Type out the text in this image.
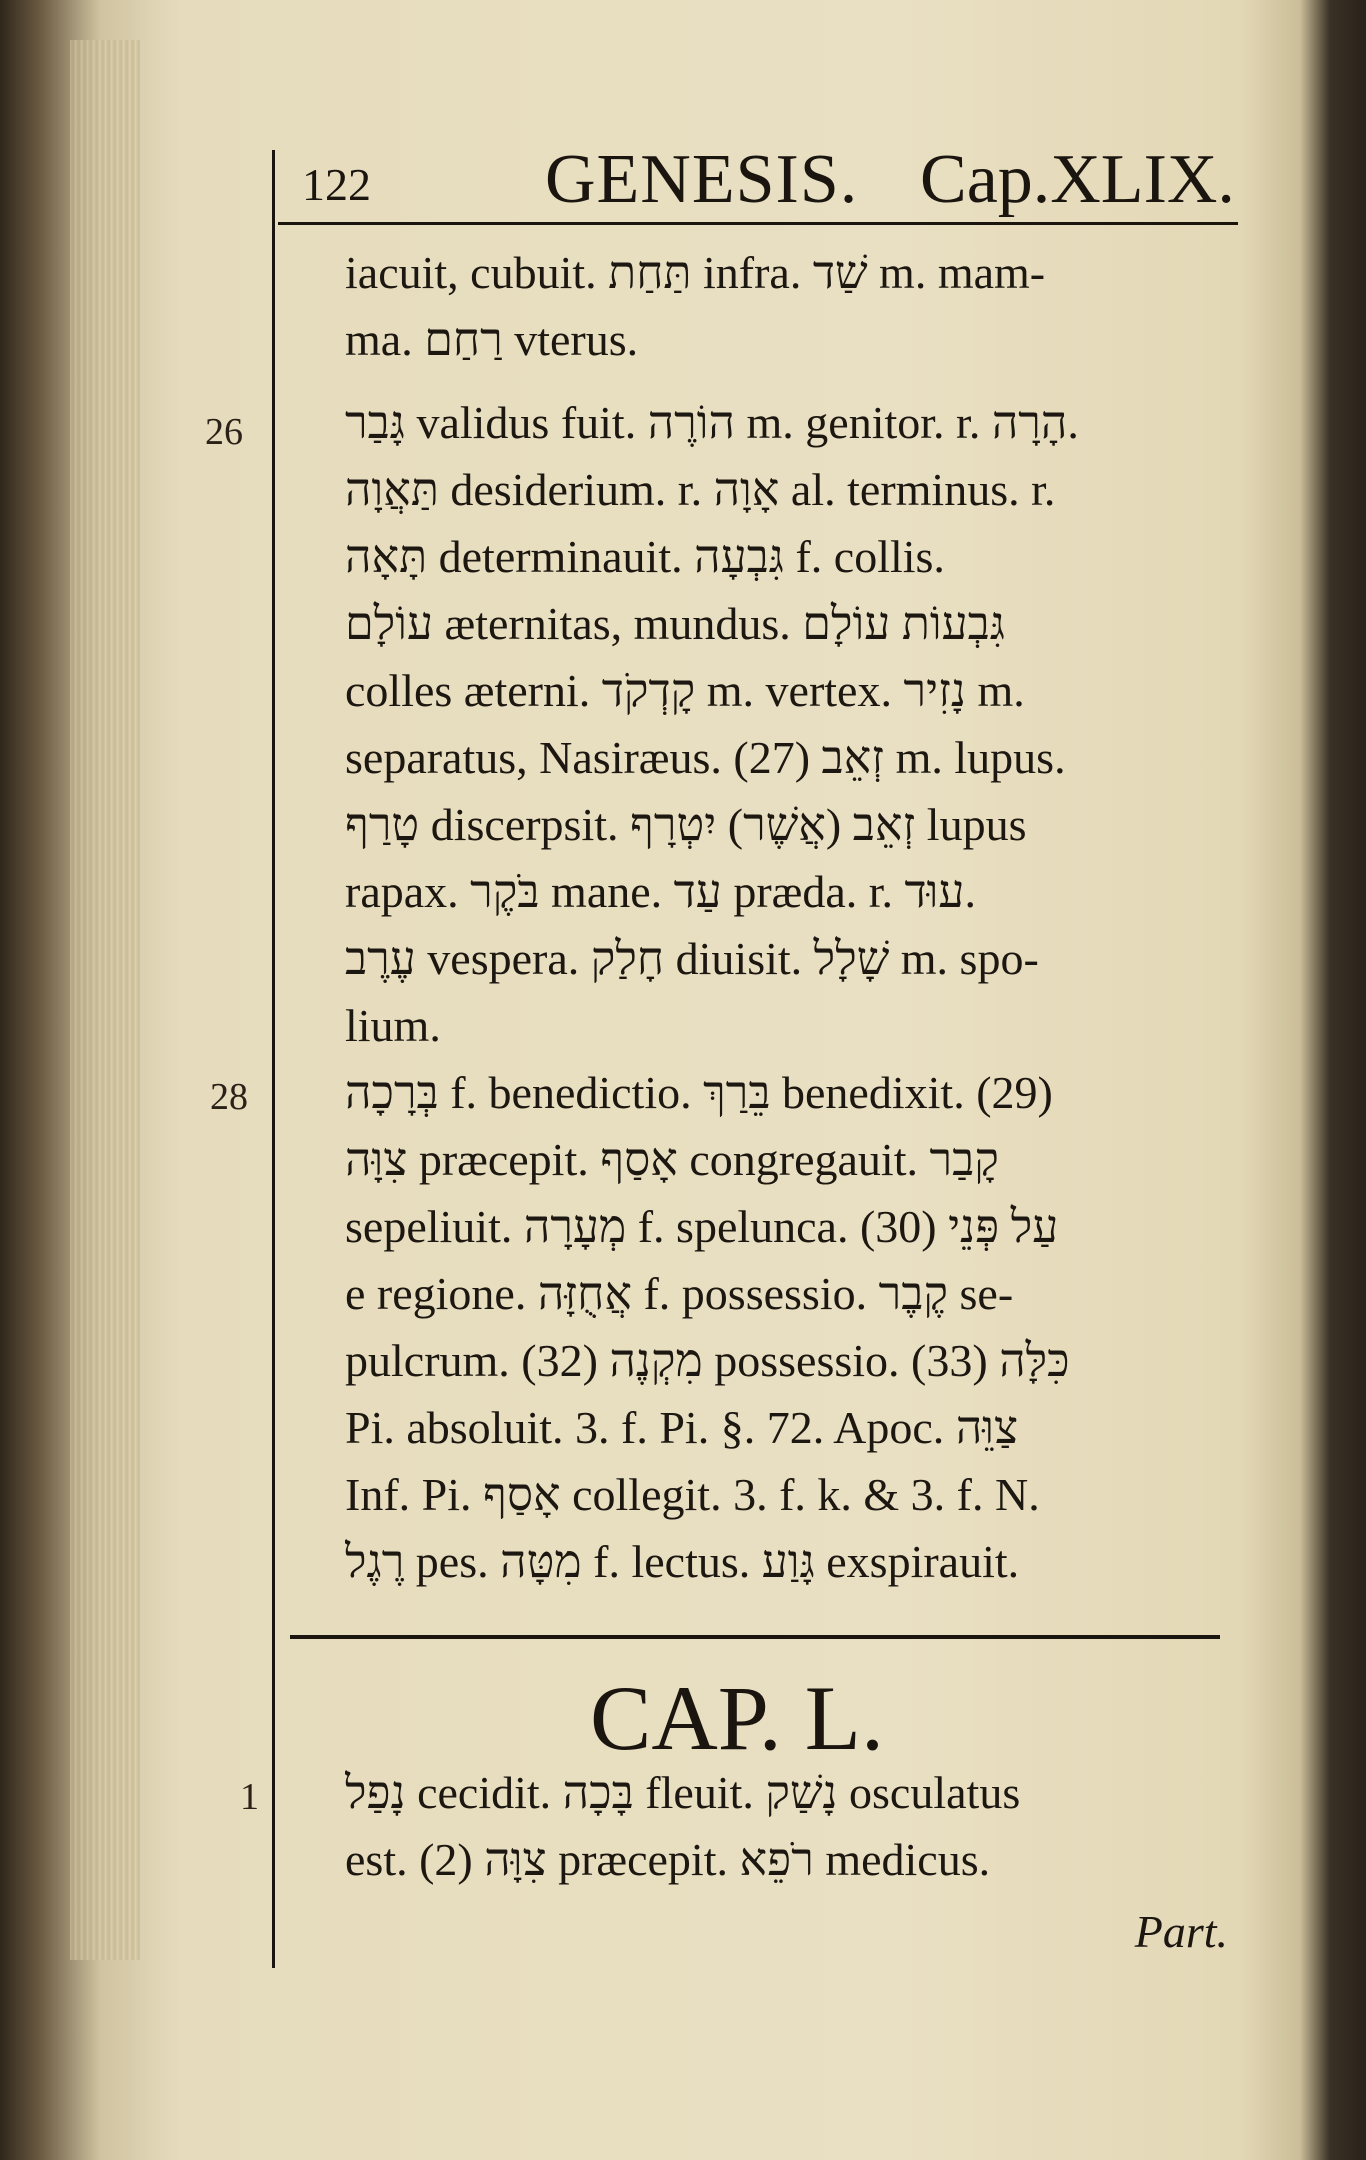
122 GENESIS. Cap.XLIX.
26
28
1
iacuit, cubuit. תַּחַת infra. שַׁד m. mam-
ma. רַחַם vterus.
גָּבַר validus fuit. הוֹרֶה m. genitor. r. הָרָה.
תַּאֲוָה desiderium. r. אָוָה al. terminus. r.
תָּאָה determinauit. גִּבְעָה f. collis.
עוֹלָם æternitas, mundus. גִּבְעוֹת עוֹלָם
colles æterni. קָדְקֹד m. vertex. נָזִיר m.
separatus, Nasiræus. (27) זְאֵב m. lupus.
טָרַף discerpsit. זְאֵב (אֲשֶׁר) יִטְרָף lupus
rapax. בֹּקֶר mane. עַד præda. r. עוּד.
עֶרֶב vespera. חָלַק diuisit. שָׁלָל m. spo-
lium.
בְּרָכָה f. benedictio. בֵּרַךְ benedixit. (29)
צִוָּה præcepit. אָסַף congregauit. קָבַר
sepeliuit. מְעָרָה f. spelunca. (30) עַל פְּנֵי
e regione. אֲחֻזָּה f. possessio. קֶבֶר se-
pulcrum. (32) מִקְנֶה possessio. (33) כִּלָּה
Pi. absoluit. 3. f. Pi. §. 72. Apoc. צַוֵּה
Inf. Pi. אָסַף collegit. 3. f. k. & 3. f. N.
רֶגֶל pes. מִטָּה f. lectus. גָּוַע exspirauit.
CAP. L.
נָפַל cecidit. בָּכָה fleuit. נָשַׁק osculatus
est. (2) צִוָּה præcepit. רֹפֵא medicus.
Part.
